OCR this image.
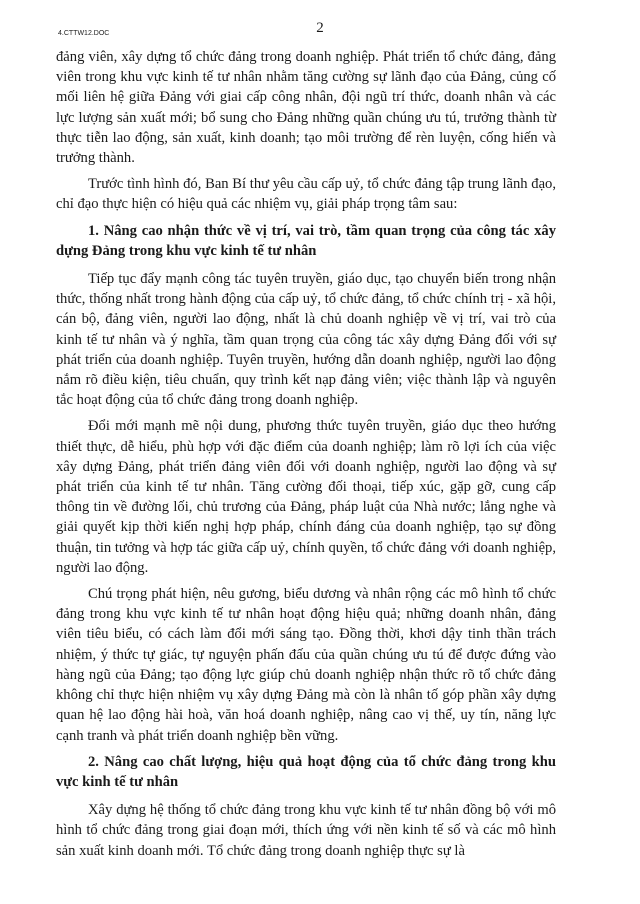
4.CTTW12.DOC	2

đảng viên, xây dựng tổ chức đảng trong doanh nghiệp. Phát triển tổ chức đảng, đảng viên trong khu vực kinh tế tư nhân nhằm tăng cường sự lãnh đạo của Đảng, củng cố mối liên hệ giữa Đảng với giai cấp công nhân, đội ngũ trí thức, doanh nhân và các lực lượng sản xuất mới; bổ sung cho Đảng những quần chúng ưu tú, trưởng thành từ thực tiễn lao động, sản xuất, kinh doanh; tạo môi trường để rèn luyện, cống hiến và trưởng thành.

Trước tình hình đó, Ban Bí thư yêu cầu cấp uỷ, tổ chức đảng tập trung lãnh đạo, chỉ đạo thực hiện có hiệu quả các nhiệm vụ, giải pháp trọng tâm sau:

1. Nâng cao nhận thức về vị trí, vai trò, tầm quan trọng của công tác xây dựng Đảng trong khu vực kinh tế tư nhân

Tiếp tục đẩy mạnh công tác tuyên truyền, giáo dục, tạo chuyển biến trong nhận thức, thống nhất trong hành động của cấp uỷ, tổ chức đảng, tổ chức chính trị - xã hội, cán bộ, đảng viên, người lao động, nhất là chủ doanh nghiệp về vị trí, vai trò của kinh tế tư nhân và ý nghĩa, tầm quan trọng của công tác xây dựng Đảng đối với sự phát triển của doanh nghiệp. Tuyên truyền, hướng dẫn doanh nghiệp, người lao động nắm rõ điều kiện, tiêu chuẩn, quy trình kết nạp đảng viên; việc thành lập và nguyên tắc hoạt động của tổ chức đảng trong doanh nghiệp.

Đổi mới mạnh mẽ nội dung, phương thức tuyên truyền, giáo dục theo hướng thiết thực, dễ hiểu, phù hợp với đặc điểm của doanh nghiệp; làm rõ lợi ích của việc xây dựng Đảng, phát triển đảng viên đối với doanh nghiệp, người lao động và sự phát triển của kinh tế tư nhân. Tăng cường đối thoại, tiếp xúc, gặp gỡ, cung cấp thông tin về đường lối, chủ trương của Đảng, pháp luật của Nhà nước; lắng nghe và giải quyết kịp thời kiến nghị hợp pháp, chính đáng của doanh nghiệp, tạo sự đồng thuận, tin tưởng và hợp tác giữa cấp uỷ, chính quyền, tổ chức đảng với doanh nghiệp, người lao động.

Chú trọng phát hiện, nêu gương, biểu dương và nhân rộng các mô hình tổ chức đảng trong khu vực kinh tế tư nhân hoạt động hiệu quả; những doanh nhân, đảng viên tiêu biểu, có cách làm đổi mới sáng tạo. Đồng thời, khơi dậy tinh thần trách nhiệm, ý thức tự giác, tự nguyện phấn đấu của quần chúng ưu tú để được đứng vào hàng ngũ của Đảng; tạo động lực giúp chủ doanh nghiệp nhận thức rõ tổ chức đảng không chỉ thực hiện nhiệm vụ xây dựng Đảng mà còn là nhân tố góp phần xây dựng quan hệ lao động hài hoà, văn hoá doanh nghiệp, nâng cao vị thế, uy tín, năng lực cạnh tranh và phát triển doanh nghiệp bền vững.

2. Nâng cao chất lượng, hiệu quả hoạt động của tổ chức đảng trong khu vực kinh tế tư nhân

Xây dựng hệ thống tổ chức đảng trong khu vực kinh tế tư nhân đồng bộ với mô hình tổ chức đảng trong giai đoạn mới, thích ứng với nền kinh tế số và các mô hình sản xuất kinh doanh mới. Tổ chức đảng trong doanh nghiệp thực sự là
